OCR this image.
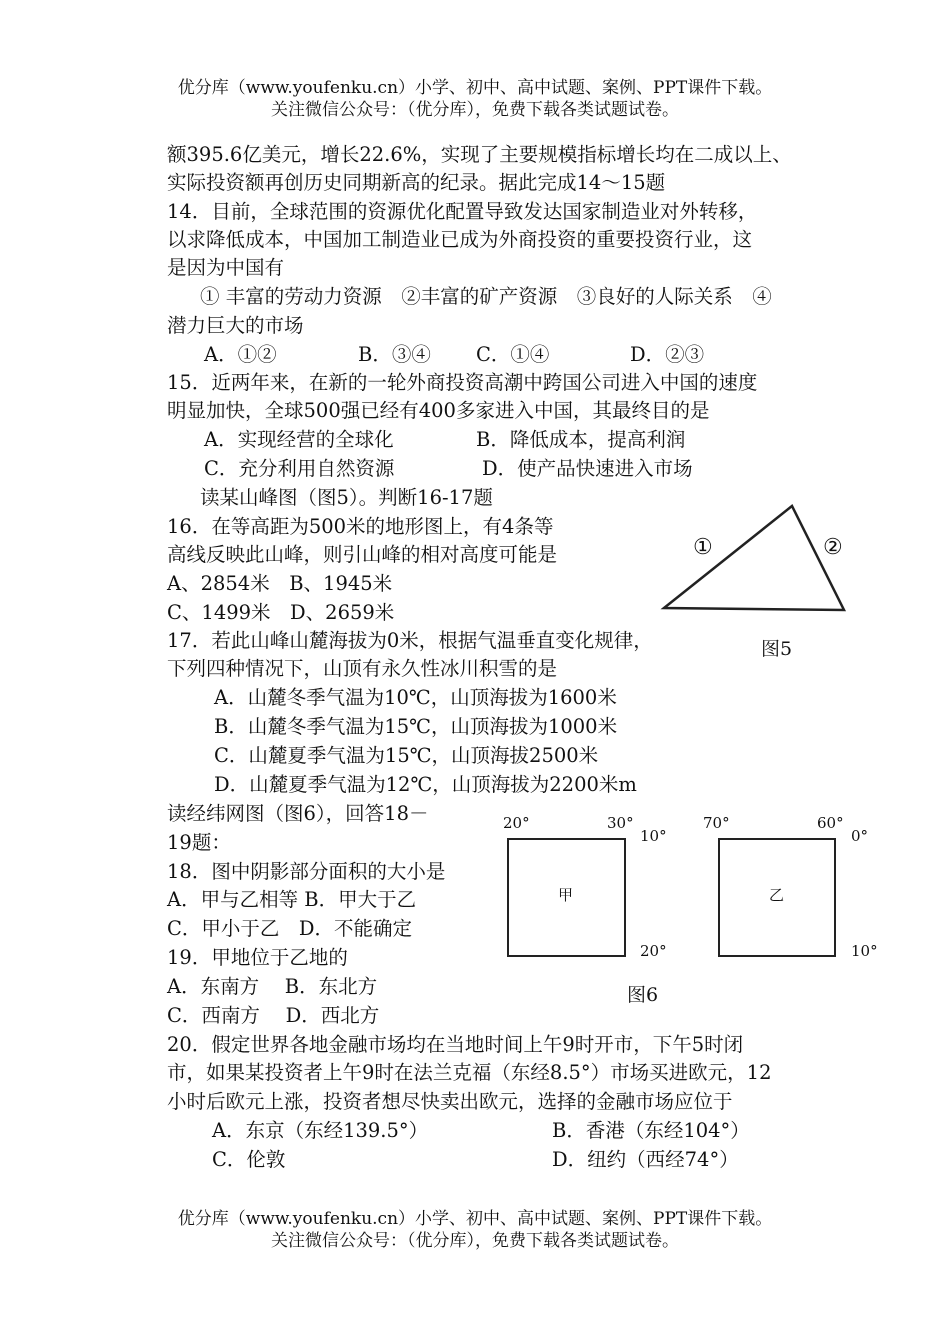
优分库（www.youfenku.cn）小学、初中、高中试题、案例、PPT课件下载。
关注微信公众号：（优分库），免费下载各类试题试卷。
额395.6亿美元，增长22.6%，实现了主要规模指标增长均在二成以上、
实际投资额再创历史同期新高的纪录。据此完成14～15题
14．目前，全球范围的资源优化配置导致发达国家制造业对外转移，
以求降低成本，中国加工制造业已成为外商投资的重要投资行业，这
是因为中国有
① 丰富的劳动力资源　②丰富的矿产资源　③良好的人际关系　④
潜力巨大的市场
A．①②	B．③④ C．①④	D．②③
15．近两年来，在新的一轮外商投资高潮中跨国公司进入中国的速度
明显加快，全球500强已经有400多家进入中国，其最终目的是
A．实现经营的全球化	B．降低成本，提高利润
C．充分利用自然资源	D．使产品快速进入市场
读某山峰图（图5）。判断16-17题
16．在等高距为500米的地形图上，有4条等
高线反映此山峰，则引山峰的相对高度可能是
A、2854米　B、1945米
C、1499米　D、2659米
①	②
图5
17．若此山峰山麓海拔为0米，根据气温垂直变化规律，
下列四种情况下，山顶有永久性冰川积雪的是
A．山麓冬季气温为10℃，山顶海拔为1600米
B．山麓冬季气温为15℃，山顶海拔为1000米
C．山麓夏季气温为15℃，山顶海拔2500米
D．山麓夏季气温为12℃，山顶海拔为2200米m
读经纬网图（图6），回答18－
19题：
18．图中阴影部分面积的大小是
A．甲与乙相等 B．甲大于乙
C．甲小于乙　D．不能确定
19．甲地位于乙地的
A．东南方　 B．东北方
C．西南方　 D．西北方
20°	30°
10°
甲
20°
70°	60°
0°
乙
10°
图6
20．假定世界各地金融市场均在当地时间上午9时开市，下午5时闭
市，如果某投资者上午9时在法兰克福（东经8.5°）市场买进欧元，12
小时后欧元上涨，投资者想尽快卖出欧元，选择的金融市场应位于
A．东京（东经139.5°）	B．香港（东经104°）
C．伦敦	D．纽约（西经74°）
优分库（www.youfenku.cn）小学、初中、高中试题、案例、PPT课件下载。
关注微信公众号：（优分库），免费下载各类试题试卷。
